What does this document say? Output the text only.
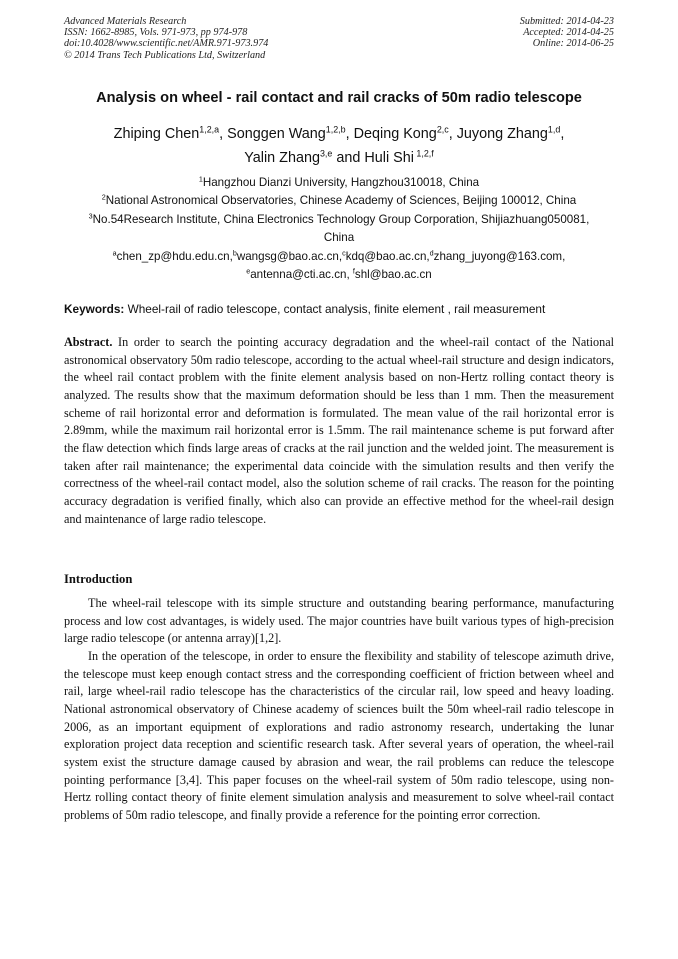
Advanced Materials Research
ISSN: 1662-8985, Vols. 971-973, pp 974-978
doi:10.4028/www.scientific.net/AMR.971-973.974
© 2014 Trans Tech Publications Ltd, Switzerland
Submitted: 2014-04-23
Accepted: 2014-04-25
Online: 2014-06-25
Analysis on wheel - rail contact and rail cracks of 50m radio telescope
Zhiping Chen$^{1,2,a}$, Songgen Wang$^{1,2,b}$, Deqing Kong$^{2,c}$, Juyong Zhang$^{1,d}$,
Yalin Zhang$^{3,e}$ and Huli Shi $^{1,2,f}$
$^1$Hangzhou Dianzi University, Hangzhou310018, China
$^2$National Astronomical Observatories, Chinese Academy of Sciences, Beijing 100012, China
$^3$No.54Research Institute, China Electronics Technology Group Corporation, Shijiazhuang050081,
China
$^a$chen_zp@hdu.edu.cn,$^b$wangsg@bao.ac.cn,$^c$kdq@bao.ac.cn,$^d$zhang_juyong@163.com,
$^e$antenna@cti.ac.cn, $^f$shl@bao.ac.cn
Keywords: Wheel-rail of radio telescope, contact analysis, finite element , rail measurement

Abstract. In order to search the pointing accuracy degradation and the wheel-rail contact of the National astronomical observatory 50m radio telescope, according to the actual wheel-rail structure and design indicators, the wheel rail contact problem with the finite element analysis based on non-Hertz rolling contact theory is analyzed. The results show that the maximum deformation should be less than 1 mm. Then the measurement scheme of rail horizontal error and deformation is formulated. The mean value of the rail horizontal error is 2.89mm, while the maximum rail horizontal error is 1.5mm. The rail maintenance scheme is put forward after the flaw detection which finds large areas of cracks at the rail junction and the welded joint. The measurement is taken after rail maintenance; the experimental data coincide with the simulation results and then verify the correctness of the wheel-rail contact model, also the solution scheme of rail cracks. The reason for the pointing accuracy degradation is verified finally, which also can provide an effective method for the wheel-rail design and maintenance of large radio telescope.

Introduction

The wheel-rail telescope with its simple structure and outstanding bearing performance, manufacturing process and low cost advantages, is widely used. The major countries have built various types of high-precision large radio telescope (or antenna array)[1,2].

In the operation of the telescope, in order to ensure the flexibility and stability of telescope azimuth drive, the telescope must keep enough contact stress and the corresponding coefficient of friction between wheel and rail, large wheel-rail radio telescope has the characteristics of the circular rail, low speed and heavy loading. National astronomical observatory of Chinese academy of sciences built the 50m wheel-rail radio telescope in 2006, as an important equipment of explorations and radio astronomy research, undertaking the lunar exploration project data reception and scientific research task. After several years of operation, the wheel-rail system exist the structure damage caused by abrasion and wear, the rail problems can reduce the telescope pointing performance [3,4]. This paper focuses on the wheel-rail system of 50m radio telescope, using non-Hertz rolling contact theory of finite element simulation analysis and measurement to solve wheel-rail contact problems of 50m radio telescope, and finally provide a reference for the pointing error correction.
